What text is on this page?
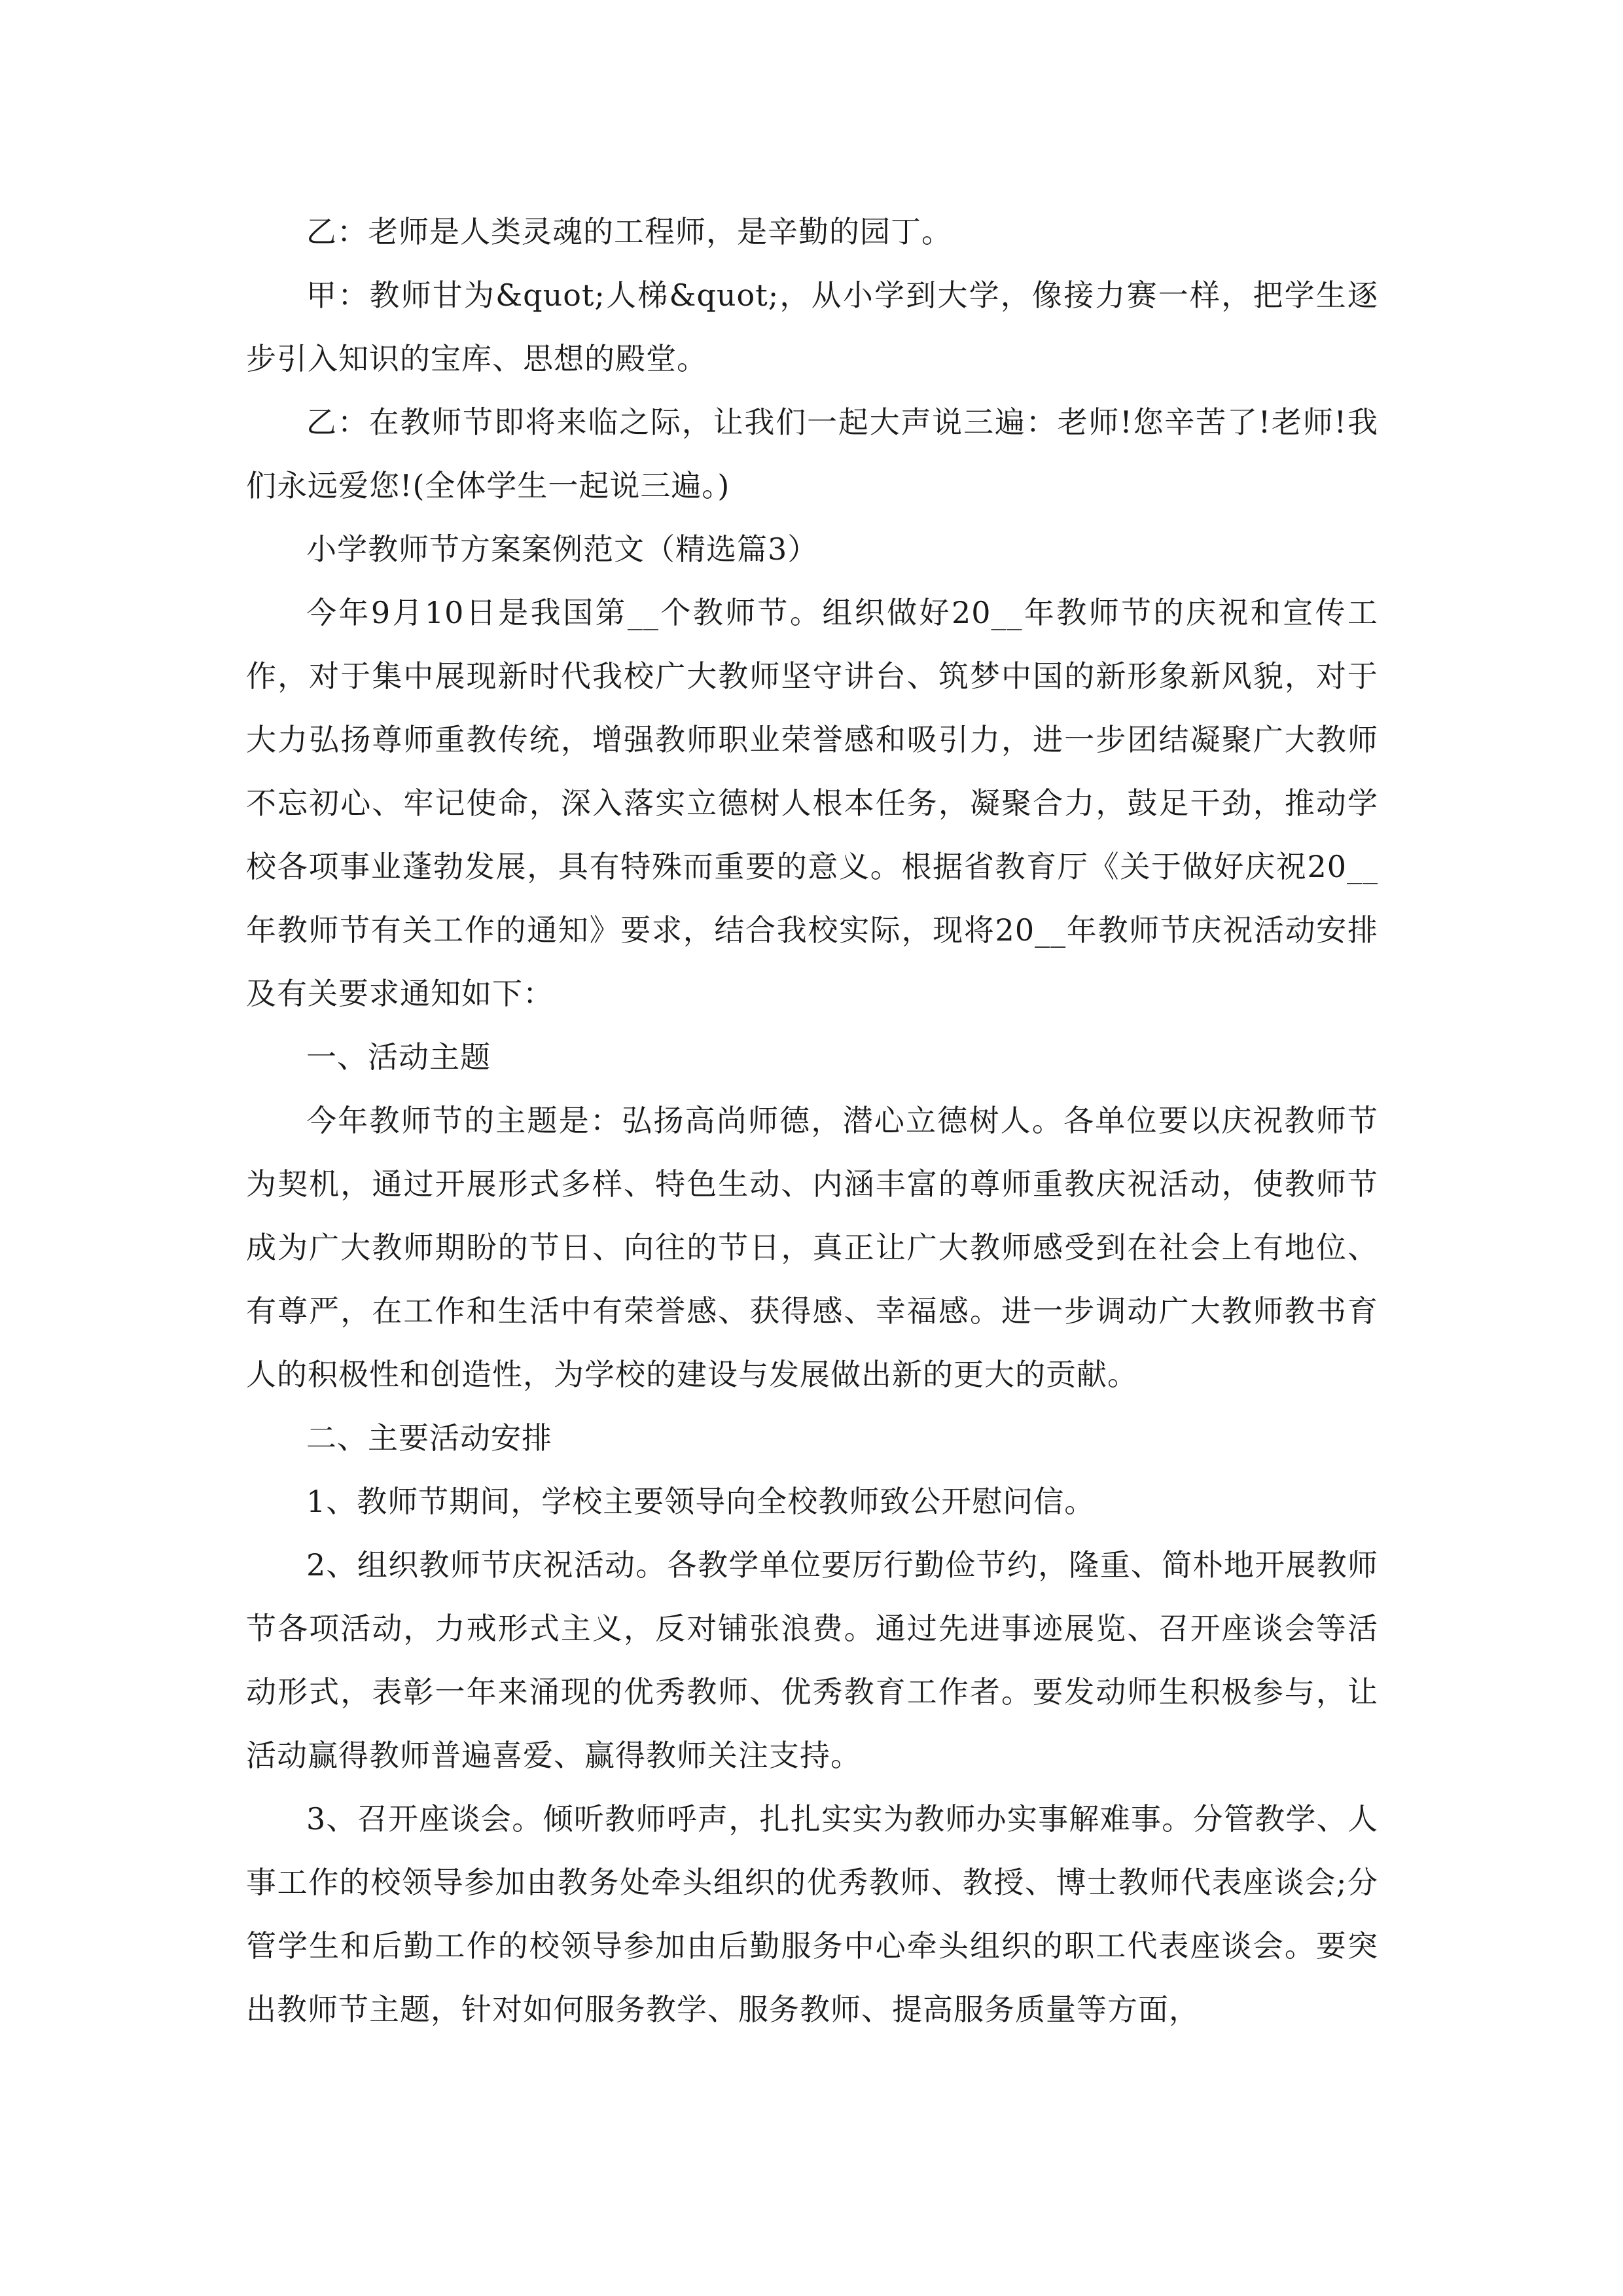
乙：老师是人类灵魂的工程师，是辛勤的园丁。

甲：教师甘为&quot;人梯&quot;，从小学到大学，像接力赛一样，把学生逐步引入知识的宝库、思想的殿堂。

乙：在教师节即将来临之际，让我们一起大声说三遍：老师!您辛苦了!老师!我们永远爱您!(全体学生一起说三遍。)

小学教师节方案案例范文（精选篇3）

今年9月10日是我国第__个教师节。组织做好20__年教师节的庆祝和宣传工作，对于集中展现新时代我校广大教师坚守讲台、筑梦中国的新形象新风貌，对于大力弘扬尊师重教传统，增强教师职业荣誉感和吸引力，进一步团结凝聚广大教师不忘初心、牢记使命，深入落实立德树人根本任务，凝聚合力，鼓足干劲，推动学校各项事业蓬勃发展，具有特殊而重要的意义。根据省教育厅《关于做好庆祝20__年教师节有关工作的通知》要求，结合我校实际，现将20__年教师节庆祝活动安排及有关要求通知如下：

一、活动主题

今年教师节的主题是：弘扬高尚师德，潜心立德树人。各单位要以庆祝教师节为契机，通过开展形式多样、特色生动、内涵丰富的尊师重教庆祝活动，使教师节成为广大教师期盼的节日、向往的节日，真正让广大教师感受到在社会上有地位、有尊严，在工作和生活中有荣誉感、获得感、幸福感。进一步调动广大教师教书育人的积极性和创造性，为学校的建设与发展做出新的更大的贡献。

二、主要活动安排

1、教师节期间，学校主要领导向全校教师致公开慰问信。

2、组织教师节庆祝活动。各教学单位要厉行勤俭节约，隆重、简朴地开展教师节各项活动，力戒形式主义，反对铺张浪费。通过先进事迹展览、召开座谈会等活动形式，表彰一年来涌现的优秀教师、优秀教育工作者。要发动师生积极参与，让活动赢得教师普遍喜爱、赢得教师关注支持。

3、召开座谈会。倾听教师呼声，扎扎实实为教师办实事解难事。分管教学、人事工作的校领导参加由教务处牵头组织的优秀教师、教授、博士教师代表座谈会;分管学生和后勤工作的校领导参加由后勤服务中心牵头组织的职工代表座谈会。要突出教师节主题，针对如何服务教学、服务教师、提高服务质量等方面，
